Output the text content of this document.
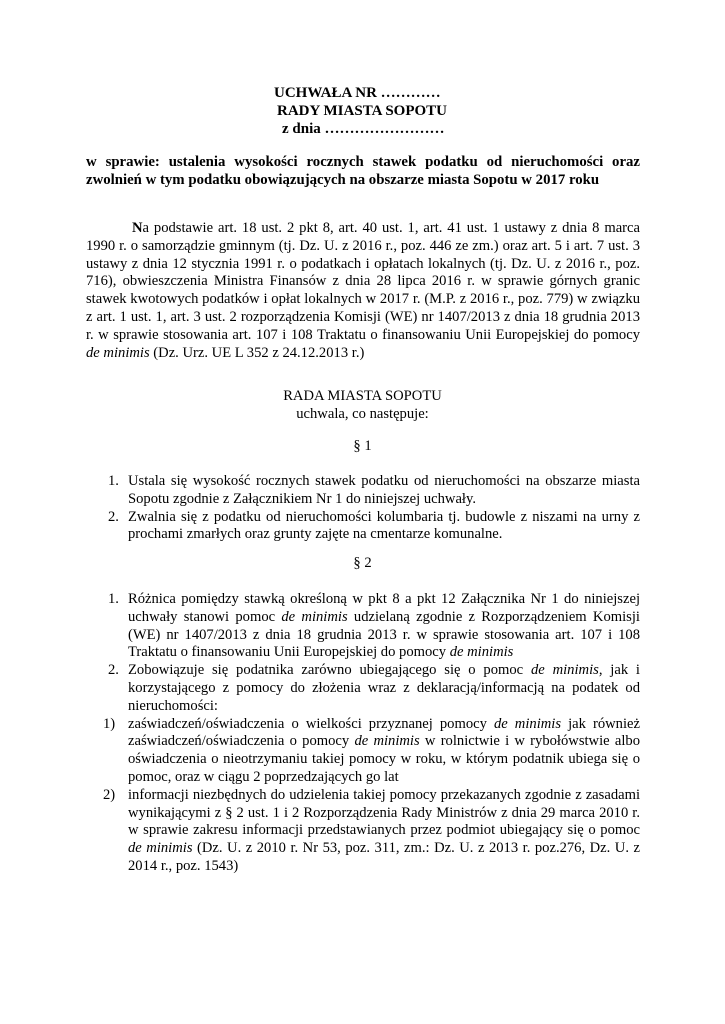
UCHWAŁA NR …………
RADY MIASTA SOPOTU
z dnia ……………………
w sprawie: ustalenia wysokości rocznych stawek podatku od nieruchomości oraz zwolnień w tym podatku obowiązujących na obszarze miasta Sopotu w 2017 roku
Na podstawie art. 18 ust. 2 pkt 8, art. 40 ust. 1, art. 41 ust. 1 ustawy z dnia 8 marca 1990 r. o samorządzie gminnym (tj. Dz. U. z 2016 r., poz. 446 ze zm.) oraz art. 5 i art. 7 ust. 3 ustawy z dnia 12 stycznia 1991 r. o podatkach i opłatach lokalnych (tj. Dz. U. z 2016 r., poz. 716), obwieszczenia Ministra Finansów z dnia 28 lipca 2016 r. w sprawie górnych granic stawek kwotowych podatków i opłat lokalnych w 2017 r. (M.P. z 2016 r., poz. 779) w związku z art. 1 ust. 1, art. 3 ust. 2 rozporządzenia Komisji (WE) nr 1407/2013 z dnia 18 grudnia 2013 r. w sprawie stosowania art. 107 i 108 Traktatu o finansowaniu Unii Europejskiej do pomocy de minimis (Dz. Urz. UE L 352 z 24.12.2013 r.)
RADA MIASTA SOPOTU
uchwala, co następuje:
§ 1
1. Ustala się wysokość rocznych stawek podatku od nieruchomości na obszarze miasta Sopotu zgodnie z Załącznikiem Nr 1 do niniejszej uchwały.
2. Zwalnia się z podatku od nieruchomości kolumbaria tj. budowle z niszami na urny z prochami zmarłych oraz grunty zajęte na cmentarze komunalne.
§ 2
1. Różnica pomiędzy stawką określoną w pkt 8 a pkt 12 Załącznika Nr 1 do niniejszej uchwały stanowi pomoc de minimis udzielaną zgodnie z Rozporządzeniem Komisji (WE) nr 1407/2013 z dnia 18 grudnia 2013 r. w sprawie stosowania art. 107 i 108 Traktatu o finansowaniu Unii Europejskiej do pomocy de minimis
2. Zobowiązuje się podatnika zarówno ubiegającego się o pomoc de minimis, jak i korzystającego z pomocy do złożenia wraz z deklaracją/informacją na podatek od nieruchomości:
1) zaświadczeń/oświadczenia o wielkości przyznanej pomocy de minimis jak również zaświadczeń/oświadczenia o pomocy de minimis w rolnictwie i w rybołówstwie albo oświadczenia o nieotrzymaniu takiej pomocy w roku, w którym podatnik ubiega się o pomoc, oraz w ciągu 2 poprzedzających go lat
2) informacji niezbędnych do udzielenia takiej pomocy przekazanych zgodnie z zasadami wynikającymi z § 2 ust. 1 i 2 Rozporządzenia Rady Ministrów z dnia 29 marca 2010 r. w sprawie zakresu informacji przedstawianych przez podmiot ubiegający się o pomoc de minimis (Dz. U. z 2010 r. Nr 53, poz. 311, zm.: Dz. U. z 2013 r. poz.276, Dz. U. z 2014 r., poz. 1543)
